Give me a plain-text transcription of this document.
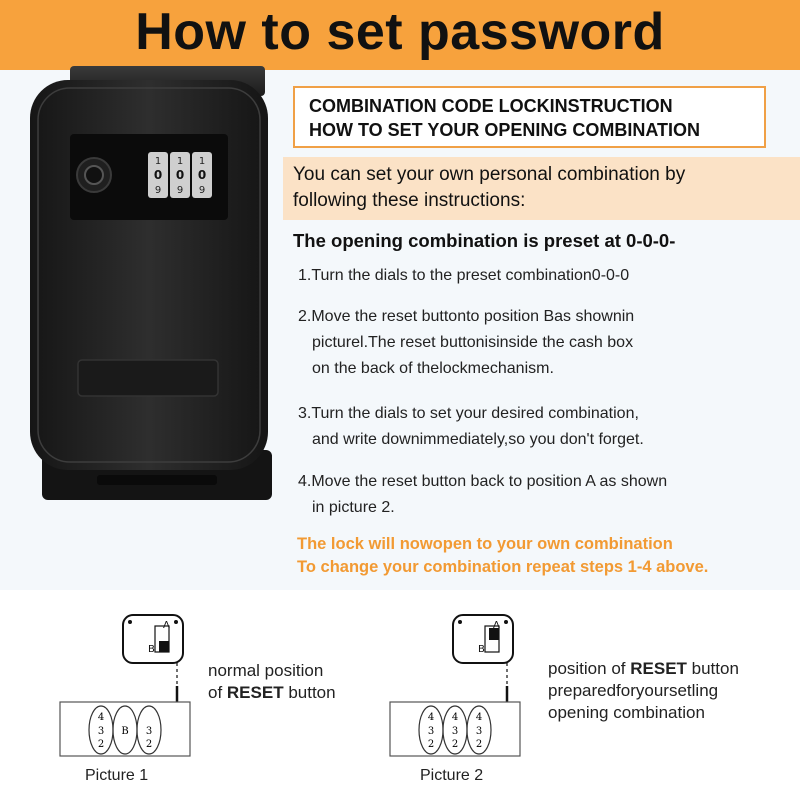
How to set password
1
0
9
1
0
9
1
0
9
COMBINATION CODE LOCKINSTRUCTION
HOW TO SET YOUR OPENING COMBINATION
You can set your own personal combination by
following these instructions:
The opening combination is preset at 0-0-0-
1.Turn the dials to the preset combination0-0-0
2.Move the reset buttonto position Bas shownin
picturel.The reset buttonisinside the cash box
on the back of thelockmechanism.
3.Turn the dials to set your desired combination,
and write downimmediately,so you don't forget.
4.Move the reset button back to position A as shown
in picture 2.
The lock will nowopen to your own combination
To change your combination repeat steps 1-4 above.
A
B
4
3
2
B 3
2
normal position
of RESET button
Picture 1
A
B
4 4 4
3 3 3
2 2 2
position of RESET button
preparedforyoursetling
opening combination
Picture 2
